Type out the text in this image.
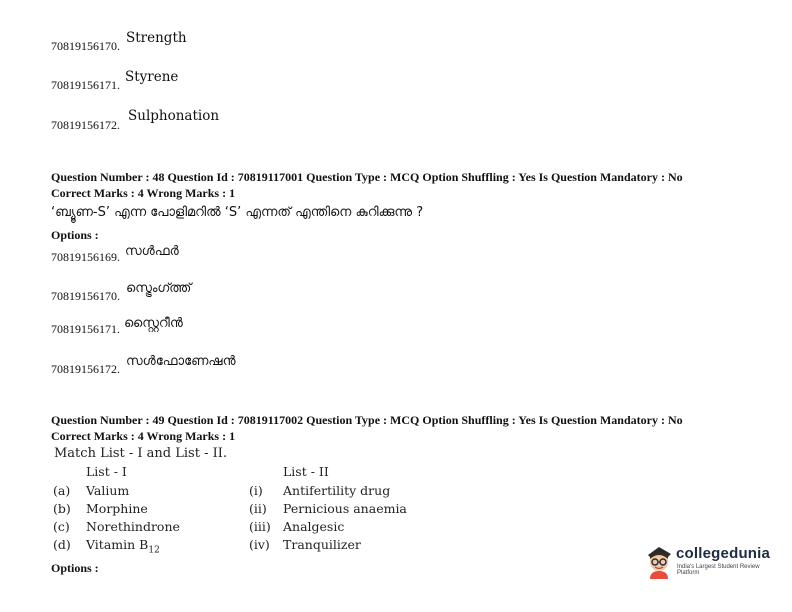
70819156170. Strength
70819156171. Styrene
70819156172.
Sulphonation
Question Number : 48 Question Id : 70819117001 Question Type : MCQ Option Shuffling : Yes Is Question Mandatory : No
Correct Marks : 4 Wrong Marks : 1
‘ബ്യൂണ-S’ എന്ന പോളിമറിൽ ‘S’ എന്നത് എന്തിനെ കുറിക്കുന്നു ?
Options :
70819156169. സൾഫർ
70819156170. സ്ട്രെംഗ്ത്ത്
70819156171. സ്റ്റൈറീൻ
70819156172. സൾഫോണേഷൻ
Question Number : 49 Question Id : 70819117002 Question Type : MCQ Option Shuffling : Yes Is Question Mandatory : No
Correct Marks : 4 Wrong Marks : 1
Match List - I and List - II.
List - I	List - II
(a) Valium	(i) Antifertility drug
(b) Morphine	(ii) Pernicious anaemia
(c) Norethindrone	(iii) Analgesic
(d) Vitamin $B_{12}$	(iv) Tranquilizer
Options :
collegedunia
India's Largest Student Review Platform
